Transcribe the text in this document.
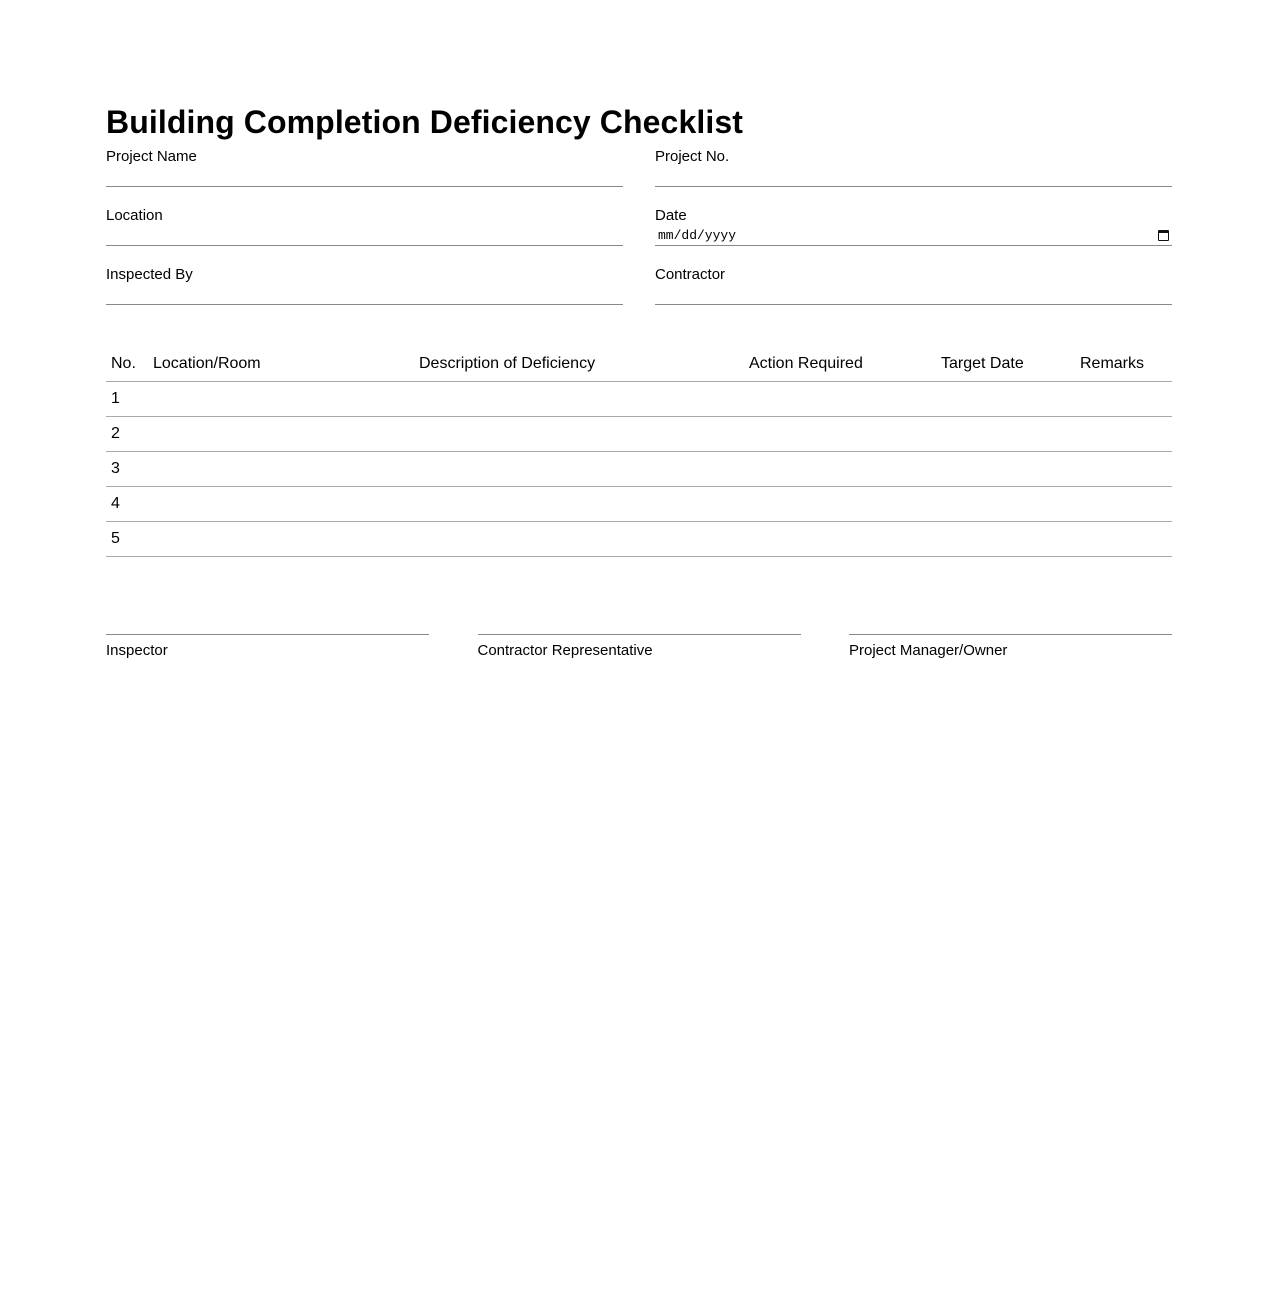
Building Completion Deficiency Checklist
Project Name	Project No.
Location	Date
mm/dd/yyyy
Inspected By	Contractor
No.	Location/Room	Description of Deficiency	Action Required	Target Date	Remarks
1					
2					
3					
4					
5					
Inspector	Contractor Representative	Project Manager/Owner
